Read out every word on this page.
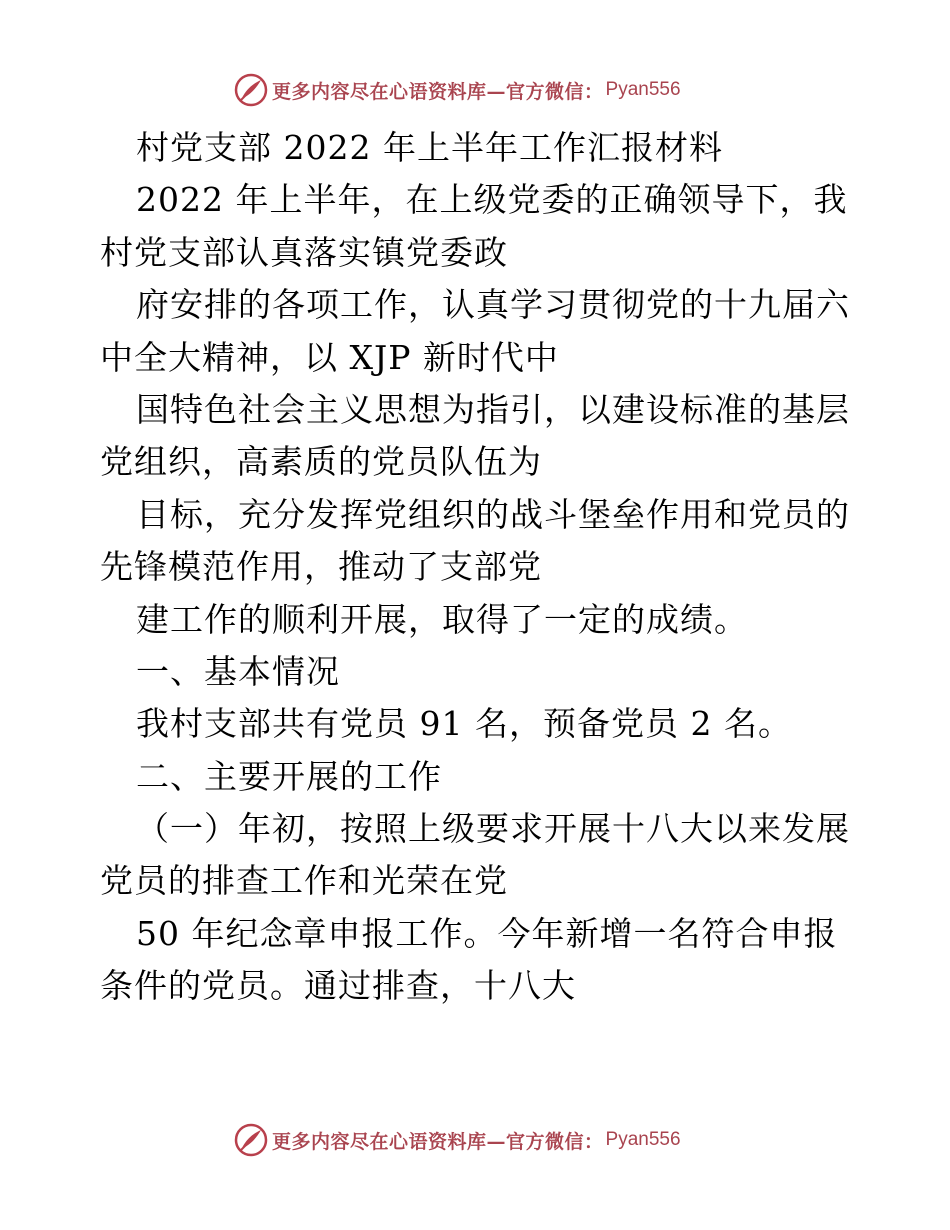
更多内容尽在心语资料库—官方微信： Pyan556
村党支部 2022 年上半年工作汇报材料
2022 年上半年，在上级党委的正确领导下，我
村党支部认真落实镇党委政
府安排的各项工作，认真学习贯彻党的十九届六
中全大精神，以 XJP 新时代中
国特色社会主义思想为指引，以建设标准的基层
党组织，高素质的党员队伍为
目标，充分发挥党组织的战斗堡垒作用和党员的
先锋模范作用，推动了支部党
建工作的顺利开展，取得了一定的成绩。
一、基本情况
我村支部共有党员 91 名，预备党员 2 名。
二、主要开展的工作
（一）年初，按照上级要求开展十八大以来发展
党员的排查工作和光荣在党
50 年纪念章申报工作。今年新增一名符合申报
条件的党员。通过排查，十八大
更多内容尽在心语资料库—官方微信： Pyan556
